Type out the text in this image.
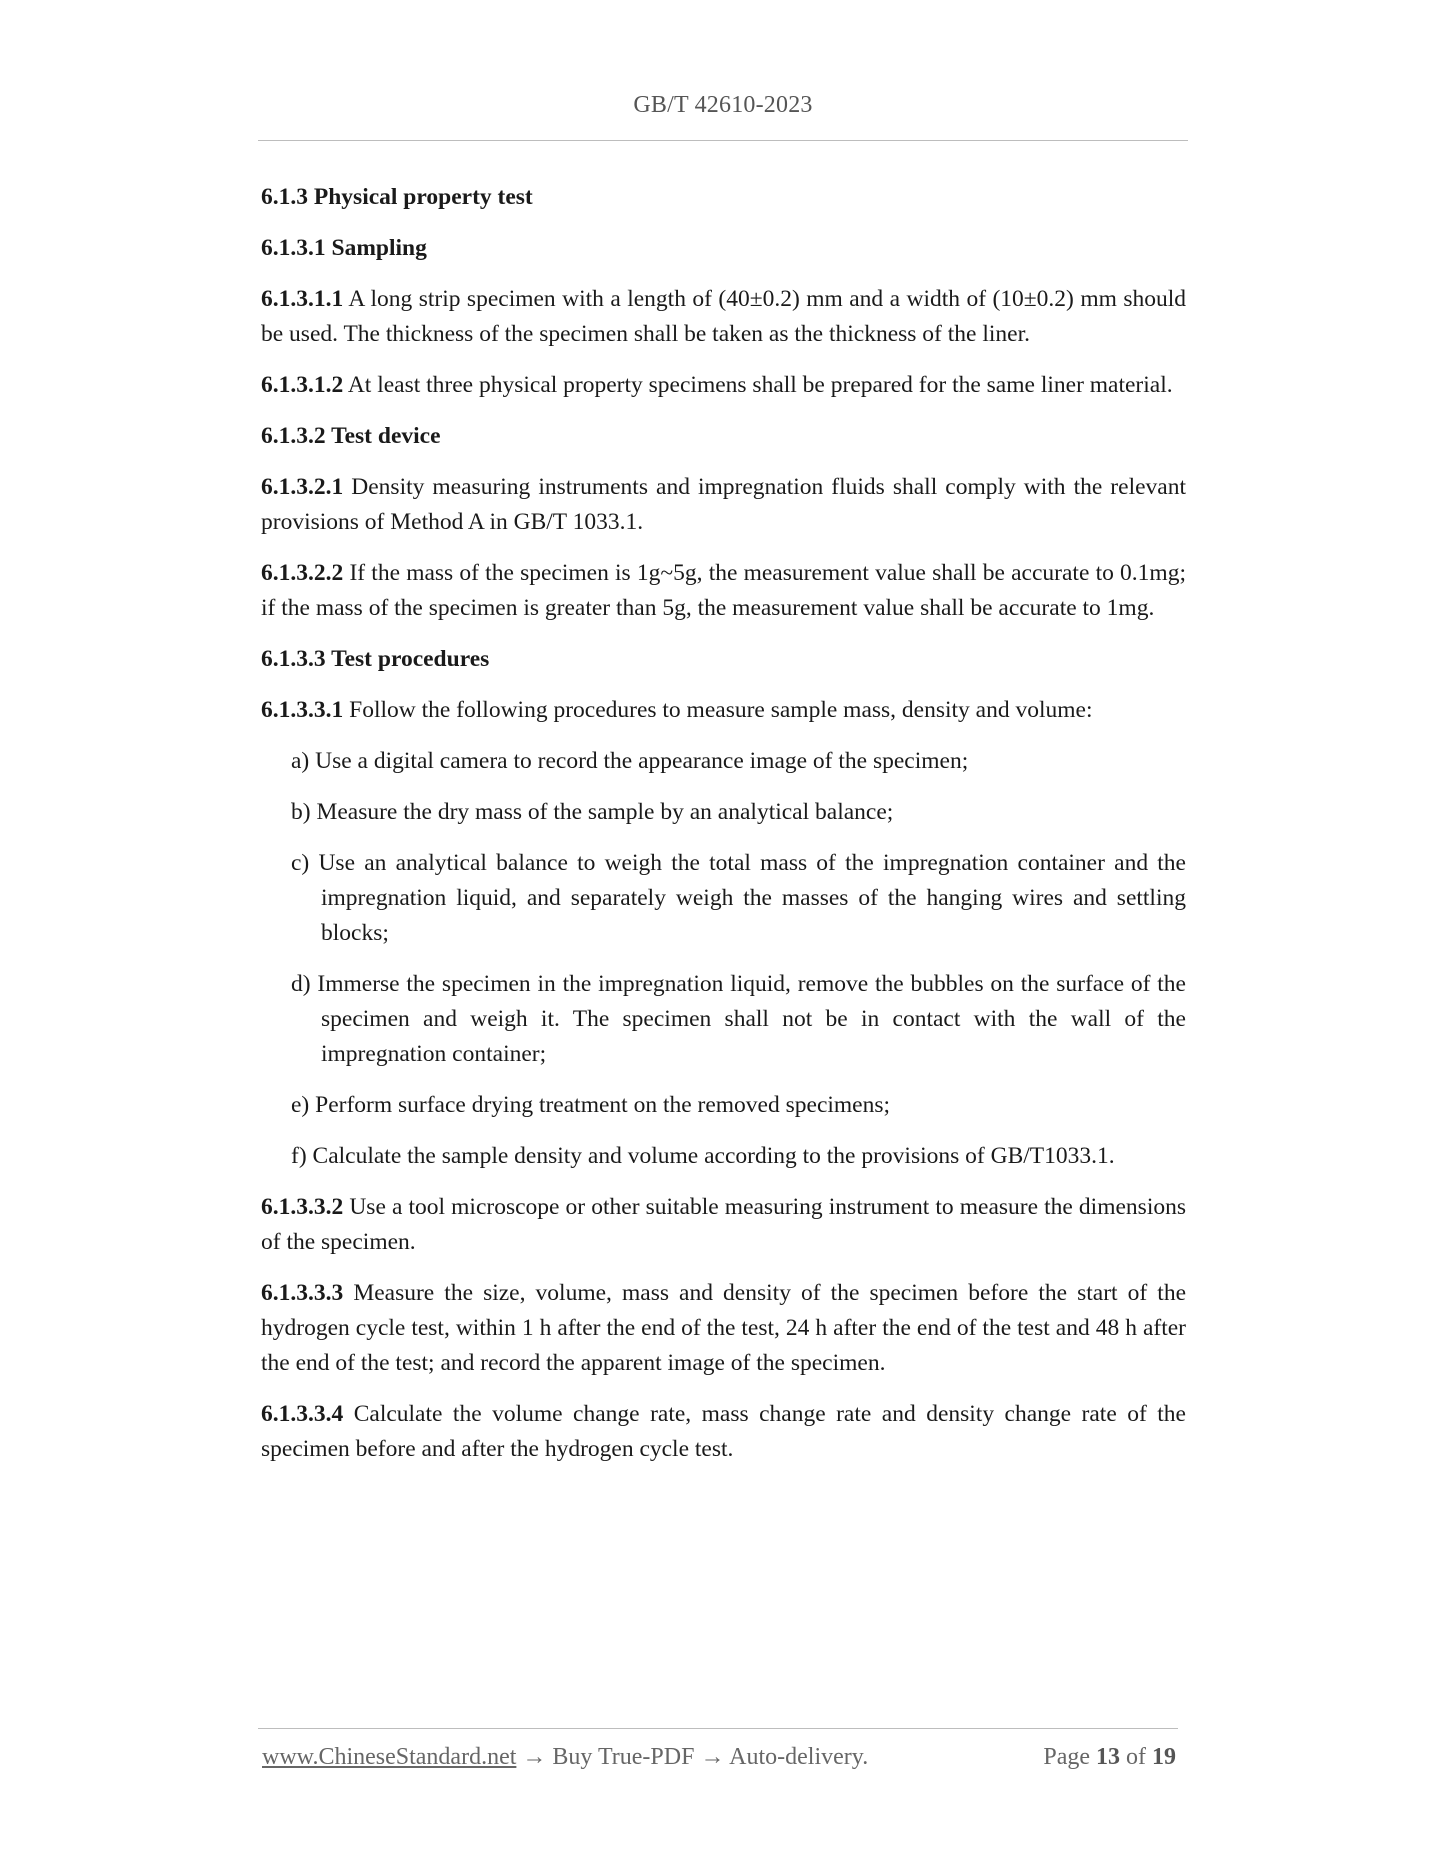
GB/T 42610-2023

6.1.3 Physical property test

6.1.3.1 Sampling

6.1.3.1.1 A long strip specimen with a length of (40±0.2) mm and a width of (10±0.2) mm should be used. The thickness of the specimen shall be taken as the thickness of the liner.

6.1.3.1.2 At least three physical property specimens shall be prepared for the same liner material.

6.1.3.2 Test device

6.1.3.2.1 Density measuring instruments and impregnation fluids shall comply with the relevant provisions of Method A in GB/T 1033.1.

6.1.3.2.2 If the mass of the specimen is 1g~5g, the measurement value shall be accurate to 0.1mg; if the mass of the specimen is greater than 5g, the measurement value shall be accurate to 1mg.

6.1.3.3 Test procedures

6.1.3.3.1 Follow the following procedures to measure sample mass, density and volume:

a) Use a digital camera to record the appearance image of the specimen;

b) Measure the dry mass of the sample by an analytical balance;

c) Use an analytical balance to weigh the total mass of the impregnation container and the impregnation liquid, and separately weigh the masses of the hanging wires and settling blocks;

d) Immerse the specimen in the impregnation liquid, remove the bubbles on the surface of the specimen and weigh it. The specimen shall not be in contact with the wall of the impregnation container;

e) Perform surface drying treatment on the removed specimens;

f) Calculate the sample density and volume according to the provisions of GB/T1033.1.

6.1.3.3.2 Use a tool microscope or other suitable measuring instrument to measure the dimensions of the specimen.

6.1.3.3.3 Measure the size, volume, mass and density of the specimen before the start of the hydrogen cycle test, within 1 h after the end of the test, 24 h after the end of the test and 48 h after the end of the test; and record the apparent image of the specimen.

6.1.3.3.4 Calculate the volume change rate, mass change rate and density change rate of the specimen before and after the hydrogen cycle test.

www.ChineseStandard.net → Buy True-PDF → Auto-delivery.	Page 13 of 19
